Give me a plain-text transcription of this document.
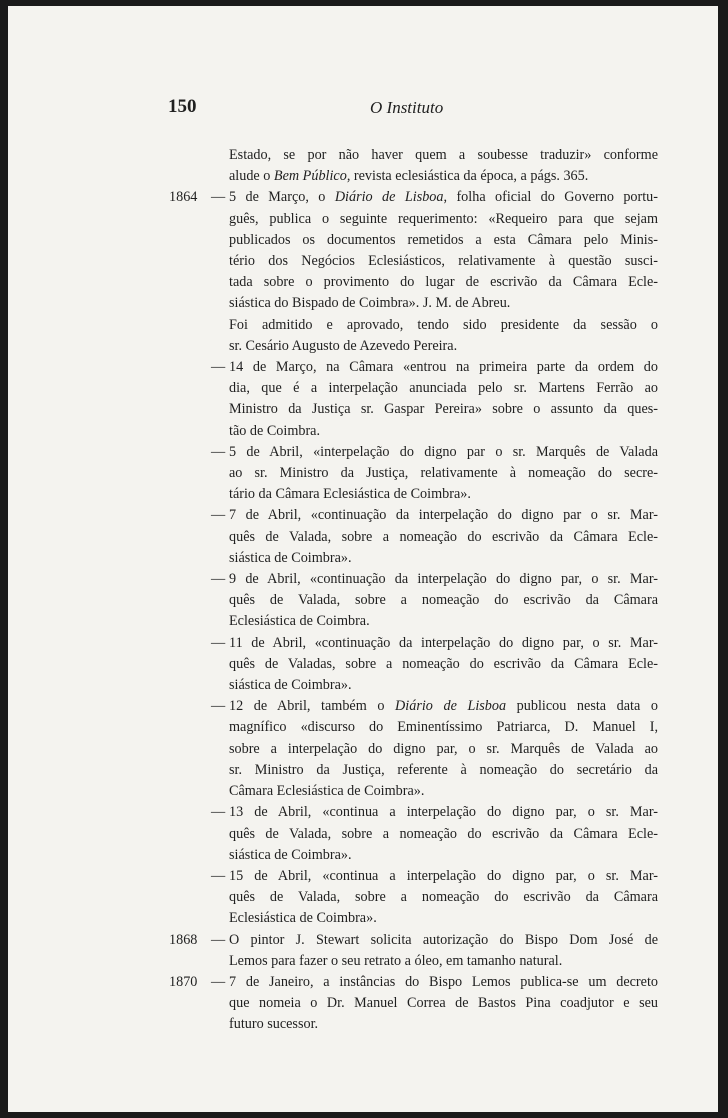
150	O Instituto
Estado, se por não haver quem a soubesse traduzir» conforme
alude o Bem Público, revista eclesiástica da época, a págs. 365.
1864 — 5 de Março, o Diário de Lisboa, folha oficial do Governo portu-
guês, publica o seguinte requerimento: «Requeiro para que sejam
publicados os documentos remetidos a esta Câmara pelo Minis-
tério dos Negócios Eclesiásticos, relativamente à questão susci-
tada sobre o provimento do lugar de escrivão da Câmara Ecle-
siástica do Bispado de Coimbra». J. M. de Abreu.
Foi admitido e aprovado, tendo sido presidente da sessão o
sr. Cesário Augusto de Azevedo Pereira.
— 14 de Março, na Câmara «entrou na primeira parte da ordem do
dia, que é a interpelação anunciada pelo sr. Martens Ferrão ao
Ministro da Justiça sr. Gaspar Pereira» sobre o assunto da ques-
tão de Coimbra.
— 5 de Abril, «interpelação do digno par o sr. Marquês de Valada
ao sr. Ministro da Justiça, relativamente à nomeação do secre-
tário da Câmara Eclesiástica de Coimbra».
— 7 de Abril, «continuação da interpelação do digno par o sr. Mar-
quês de Valada, sobre a nomeação do escrivão da Câmara Ecle-
siástica de Coimbra».
— 9 de Abril, «continuação da interpelação do digno par, o sr. Mar-
quês de Valada, sobre a nomeação do escrivão da Câmara
Eclesiástica de Coimbra.
— 11 de Abril, «continuação da interpelação do digno par, o sr. Mar-
quês de Valadas, sobre a nomeação do escrivão da Câmara Ecle-
siástica de Coimbra».
— 12 de Abril, também o Diário de Lisboa publicou nesta data o
magnífico «discurso do Eminentíssimo Patriarca, D. Manuel I,
sobre a interpelação do digno par, o sr. Marquês de Valada ao
sr. Ministro da Justiça, referente à nomeação do secretário da
Câmara Eclesiástica de Coimbra».
— 13 de Abril, «continua a interpelação do digno par, o sr. Mar-
quês de Valada, sobre a nomeação do escrivão da Câmara Ecle-
siástica de Coimbra».
— 15 de Abril, «continua a interpelação do digno par, o sr. Mar-
quês de Valada, sobre a nomeação do escrivão da Câmara
Eclesiástica de Coimbra».
1868 — O pintor J. Stewart solicita autorização do Bispo Dom José de
Lemos para fazer o seu retrato a óleo, em tamanho natural.
1870 — 7 de Janeiro, a instâncias do Bispo Lemos publica-se um decreto
que nomeia o Dr. Manuel Correa de Bastos Pina coadjutor e seu
futuro sucessor.
